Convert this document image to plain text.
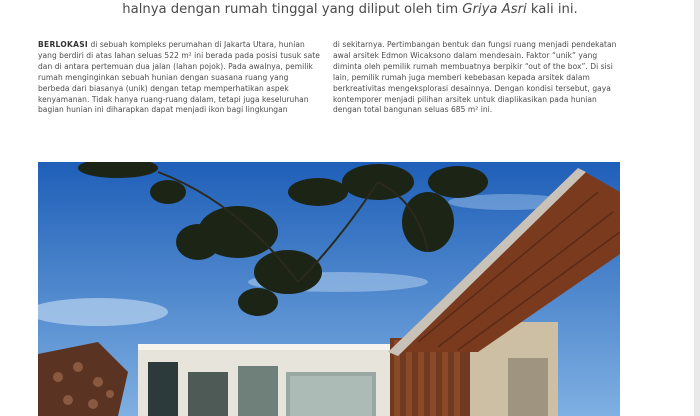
halnya dengan rumah tinggal yang diliput oleh tim Griya Asri kali ini.
BERLOKASI di sebuah kompleks perumahan di Jakarta Utara, hunian yang berdiri di atas lahan seluas 522 m² ini berada pada posisi tusuk sate dan di antara pertemuan dua jalan (lahan pojok). Pada awalnya, pemilik rumah menginginkan sebuah hunian dengan suasana ruang yang berbeda dari biasanya (unik) dengan tetap memperhatikan aspek kenyamanan. Tidak hanya ruang-ruang dalam, tetapi juga keseluruhan bagian hunian ini diharapkan dapat menjadi ikon bagi lingkungan
di sekitarnya. Pertimbangan bentuk dan fungsi ruang menjadi pendekatan awal arsitek Edmon Wicaksono dalam mendesain. Faktor “unik” yang diminta oleh pemilik rumah membuatnya berpikir “out of the box”. Di sisi lain, pemilik rumah juga memberi kebebasan kepada arsitek dalam berkreativitas mengeksplorasi desainnya. Dengan kondisi tersebut, gaya kontemporer menjadi pilihan arsitek untuk diaplikasikan pada hunian dengan total bangunan seluas 685 m² ini.
